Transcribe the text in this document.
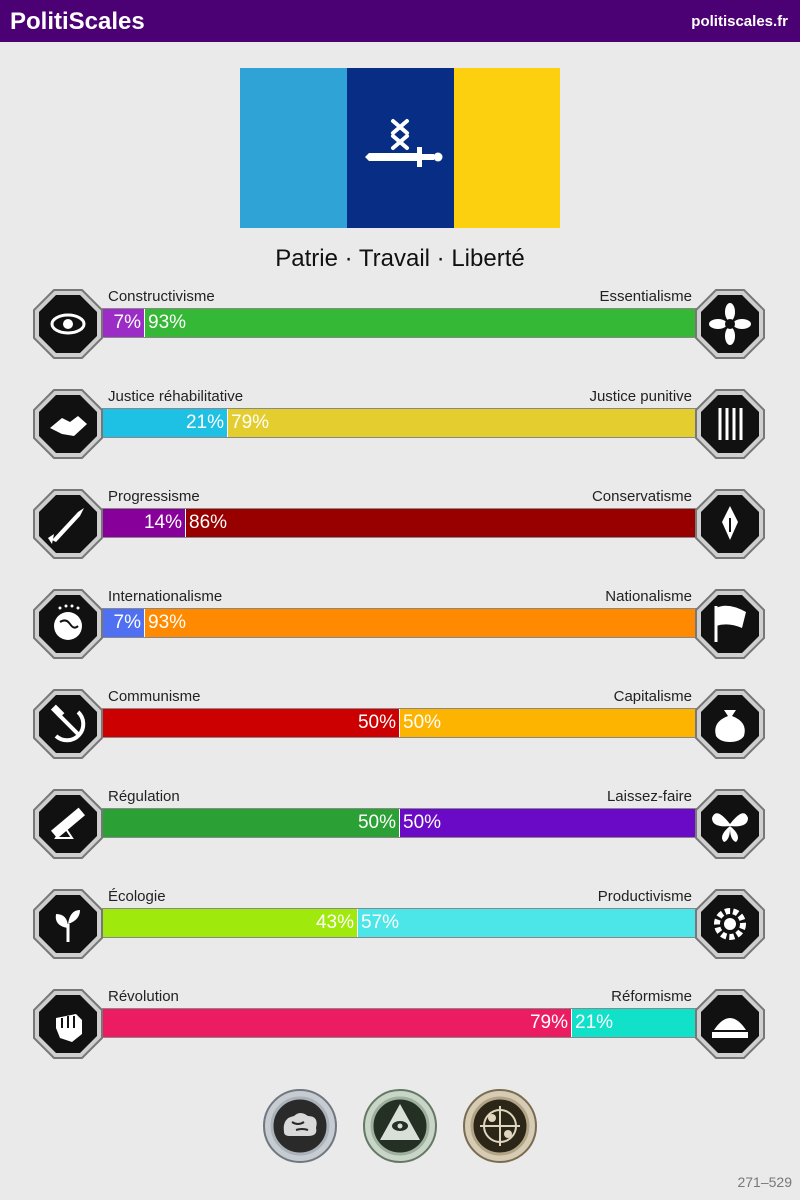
PolitiScales	politiscales.fr
Patrie · Travail · Liberté
Constructivisme	Essentialisme
7% 93%
Justice réhabilitative	Justice punitive
21% 79%
Progressisme	Conservatisme
14% 86%
Internationalisme	Nationalisme
7% 93%
Communisme	Capitalisme
50% 50%
Régulation	Laissez-faire
50% 50%
Écologie	Productivisme
43% 57%
Révolution	Réformisme
79% 21%
271–529
